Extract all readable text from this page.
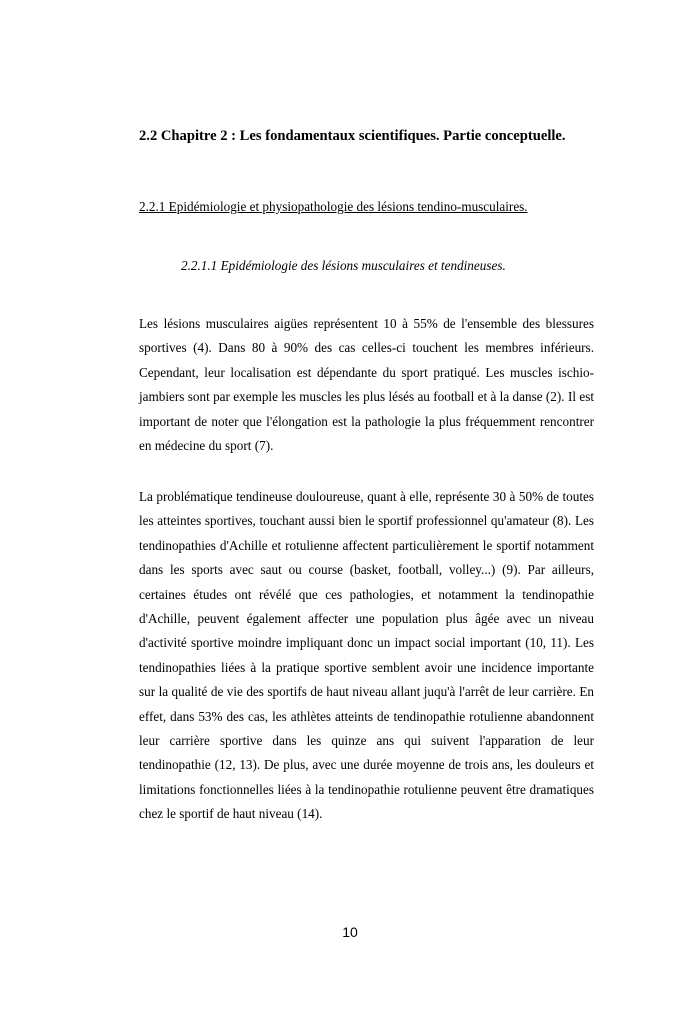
2.2 Chapitre 2 : Les fondamentaux scientifiques. Partie conceptuelle.
2.2.1 Epidémiologie et physiopathologie des lésions tendino-musculaires.
2.2.1.1 Epidémiologie des lésions musculaires et tendineuses.

Les lésions musculaires aigües représentent 10 à 55% de l'ensemble des blessures sportives (4). Dans 80 à 90% des cas celles-ci touchent les membres inférieurs. Cependant, leur localisation est dépendante du sport pratiqué. Les muscles ischio-jambiers sont par exemple les muscles les plus lésés au football et à la danse (2). Il est important de noter que l'élongation est la pathologie la plus fréquemment rencontrer en médecine du sport (7).

La problématique tendineuse douloureuse, quant à elle, représente 30 à 50% de toutes les atteintes sportives, touchant aussi bien le sportif professionnel qu'amateur (8). Les tendinopathies d'Achille et rotulienne affectent particulièrement le sportif notamment dans les sports avec saut ou course (basket, football, volley...) (9). Par ailleurs, certaines études ont révélé que ces pathologies, et notamment la tendinopathie d'Achille, peuvent également affecter une population plus âgée avec un niveau d'activité sportive moindre impliquant donc un impact social important (10, 11). Les tendinopathies liées à la pratique sportive semblent avoir une incidence importante sur la qualité de vie des sportifs de haut niveau allant juqu'à l'arrêt de leur carrière. En effet, dans 53% des cas, les athlètes atteints de tendinopathie rotulienne abandonnent leur carrière sportive dans les quinze ans qui suivent l'apparation de leur tendinopathie (12, 13). De plus, avec une durée moyenne de trois ans, les douleurs et limitations fonctionnelles liées à la tendinopathie rotulienne peuvent être dramatiques chez le sportif de haut niveau (14).

10
